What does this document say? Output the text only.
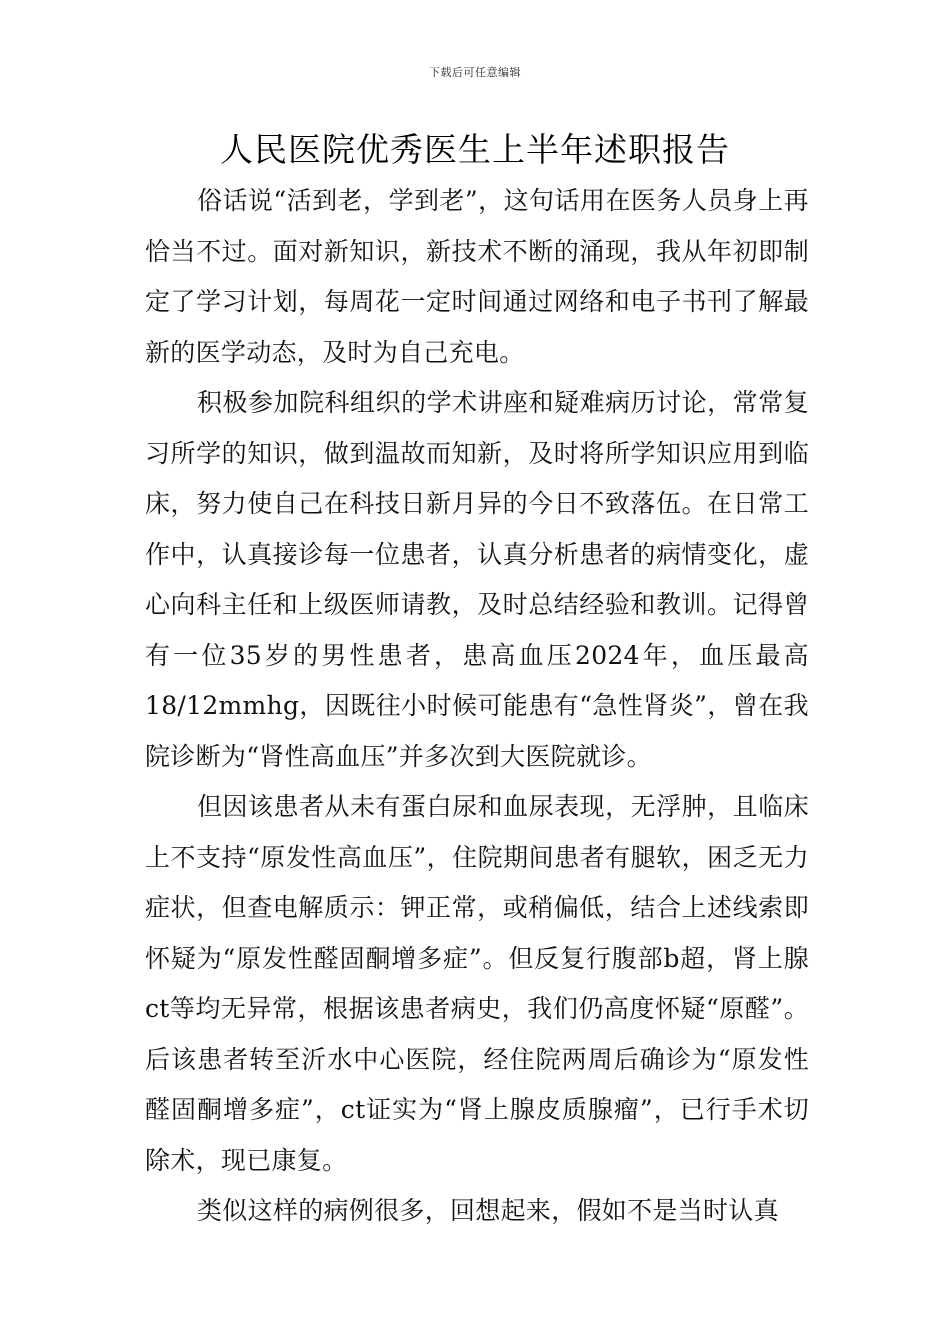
下载后可任意编辑
人民医院优秀医生上半年述职报告

俗话说“活到老，学到老”，这句话用在医务人员身上再恰当不过。面对新知识，新技术不断的涌现，我从年初即制定了学习计划，每周花一定时间通过网络和电子书刊了解最新的医学动态，及时为自己充电。

积极参加院科组织的学术讲座和疑难病历讨论，常常复习所学的知识，做到温故而知新，及时将所学知识应用到临床，努力使自己在科技日新月异的今日不致落伍。在日常工作中，认真接诊每一位患者，认真分析患者的病情变化，虚心向科主任和上级医师请教，及时总结经验和教训。记得曾有一位35岁的男性患者，患高血压2024年，血压最高18/12mmhg，因既往小时候可能患有“急性肾炎”，曾在我院诊断为“肾性高血压”并多次到大医院就诊。

但因该患者从未有蛋白尿和血尿表现，无浮肿，且临床上不支持“原发性高血压”，住院期间患者有腿软，困乏无力症状，但查电解质示：钾正常，或稍偏低，结合上述线索即怀疑为“原发性醛固酮增多症”。但反复行腹部b超，肾上腺ct等均无异常，根据该患者病史，我们仍高度怀疑“原醛”。后该患者转至沂水中心医院，经住院两周后确诊为“原发性醛固酮增多症”，ct证实为“肾上腺皮质腺瘤”，已行手术切除术，现已康复。

类似这样的病例很多，回想起来，假如不是当时认真
